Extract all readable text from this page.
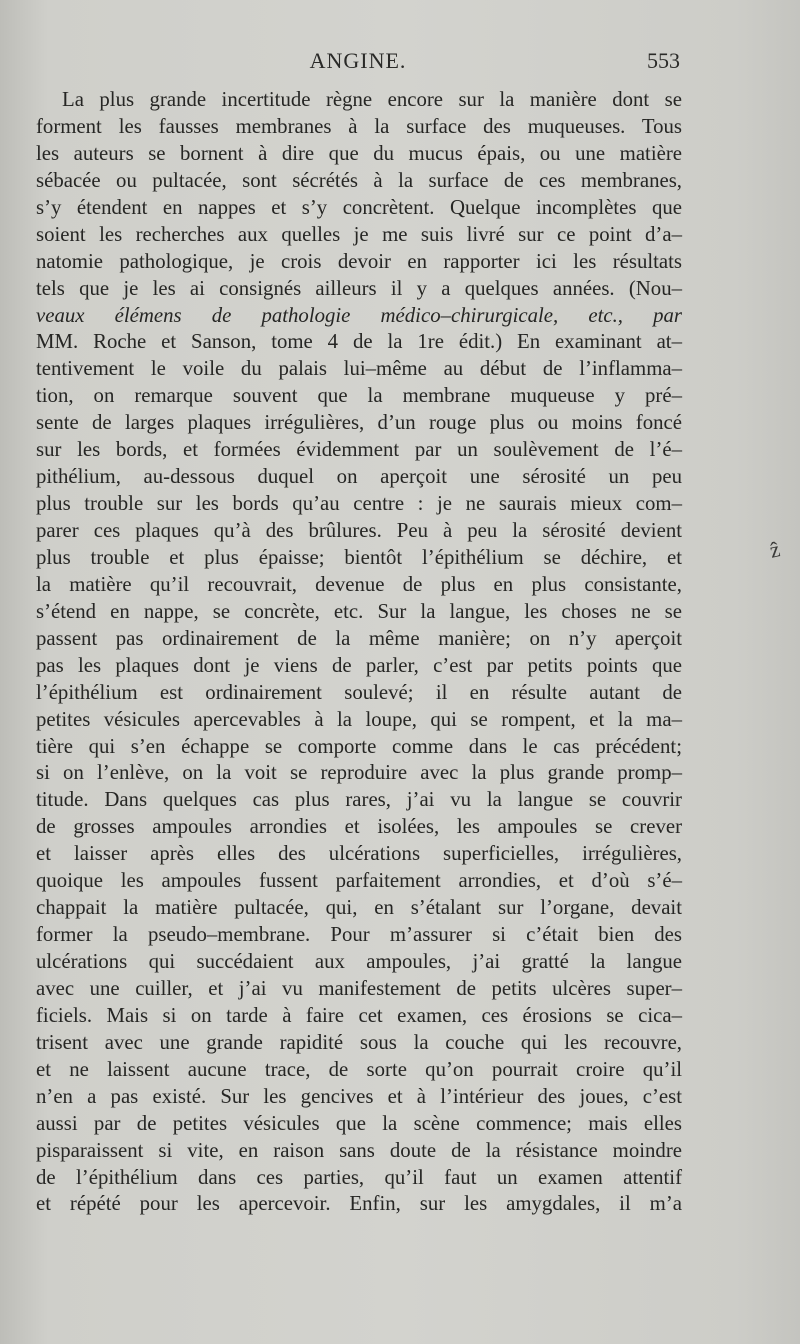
ANGINE.	553
La plus grande incertitude règne encore sur la manière dont se
forment les fausses membranes à la surface des muqueuses. Tous
les auteurs se bornent à dire que du mucus épais, ou une matière
sébacée ou pultacée, sont sécrétés à la surface de ces membranes,
s’y étendent en nappes et s’y concrètent. Quelque incomplètes que
soient les recherches aux quelles je me suis livré sur ce point d’a–
natomie pathologique, je crois devoir en rapporter ici les résultats
tels que je les ai consignés ailleurs il y a quelques années. (Nou–
veaux élémens de pathologie médico–chirurgicale, etc., par
MM. Roche et Sanson, tome 4 de la 1re édit.) En examinant at–
tentivement le voile du palais lui–même au début de l’inflamma–
tion, on remarque souvent que la membrane muqueuse y pré–
sente de larges plaques irrégulières, d’un rouge plus ou moins foncé
sur les bords, et formées évidemment par un soulèvement de l’é–
pithélium, au-dessous duquel on aperçoit une sérosité un peu
plus trouble sur les bords qu’au centre : je ne saurais mieux com–
parer ces plaques qu’à des brûlures. Peu à peu la sérosité devient
plus trouble et plus épaisse; bientôt l’épithélium se déchire, et
la matière qu’il recouvrait, devenue de plus en plus consistante,
s’étend en nappe, se concrète, etc. Sur la langue, les choses ne se
passent pas ordinairement de la même manière; on n’y aperçoit
pas les plaques dont je viens de parler, c’est par petits points que
l’épithélium est ordinairement soulevé; il en résulte autant de
petites vésicules apercevables à la loupe, qui se rompent, et la ma–
tière qui s’en échappe se comporte comme dans le cas précédent;
si on l’enlève, on la voit se reproduire avec la plus grande promp–
titude. Dans quelques cas plus rares, j’ai vu la langue se couvrir
de grosses ampoules arrondies et isolées, les ampoules se crever
et laisser après elles des ulcérations superficielles, irrégulières,
quoique les ampoules fussent parfaitement arrondies, et d’où s’é–
chappait la matière pultacée, qui, en s’étalant sur l’organe, devait
former la pseudo–membrane. Pour m’assurer si c’était bien des
ulcérations qui succédaient aux ampoules, j’ai gratté la langue
avec une cuiller, et j’ai vu manifestement de petits ulcères super–
ficiels. Mais si on tarde à faire cet examen, ces érosions se cica–
trisent avec une grande rapidité sous la couche qui les recouvre,
et ne laissent aucune trace, de sorte qu’on pourrait croire qu’il
n’en a pas existé. Sur les gencives et à l’intérieur des joues, c’est
aussi par de petites vésicules que la scène commence; mais elles
pisparaissent si vite, en raison sans doute de la résistance moindre
de l’épithélium dans ces parties, qu’il faut un examen attentif
et répété pour les apercevoir. Enfin, sur les amygdales, il m’a
ẑ
